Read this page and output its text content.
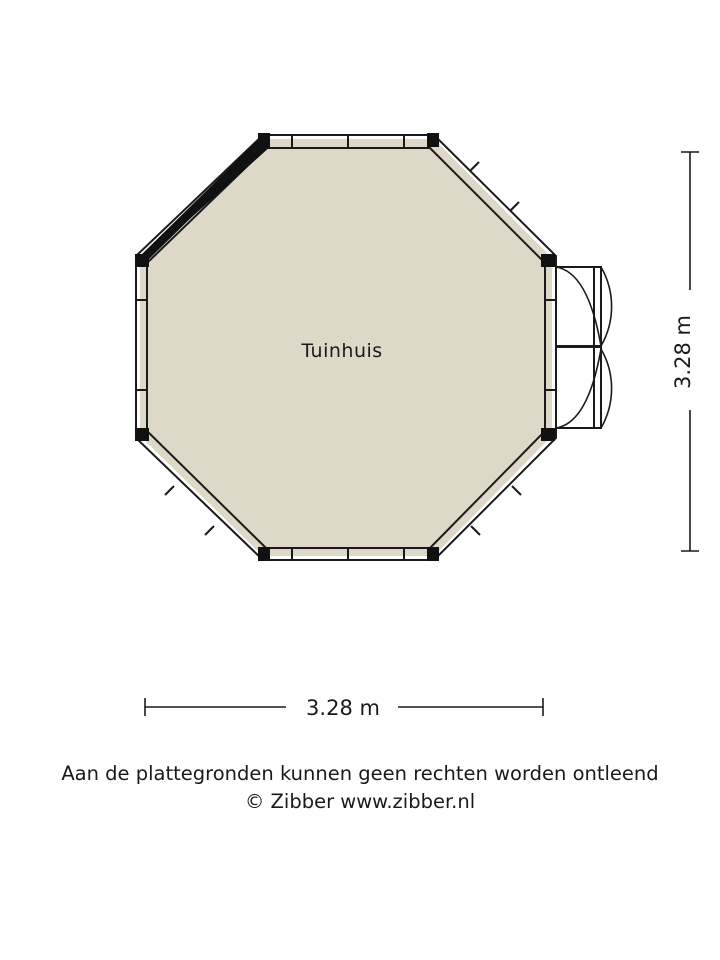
Tuinhuis	3.28 m
3.28 m
Aan de plattegronden kunnen geen rechten worden ontleend
© Zibber www.zibber.nl
